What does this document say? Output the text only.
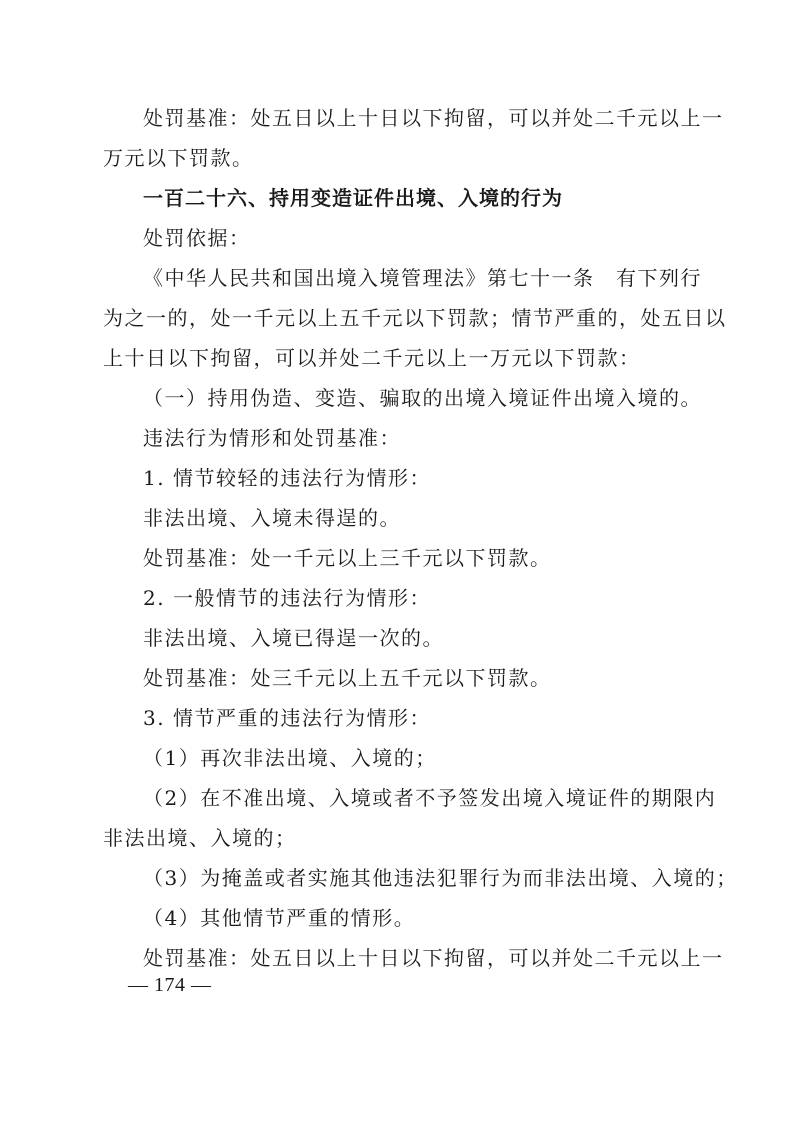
处罚基准：处五日以上十日以下拘留，可以并处二千元以上一
万元以下罚款。
一百二十六、持用变造证件出境、入境的行为
处罚依据：
《中华人民共和国出境入境管理法》第七十一条　有下列行
为之一的，处一千元以上五千元以下罚款；情节严重的，处五日以
上十日以下拘留，可以并处二千元以上一万元以下罚款：
（一）持用伪造、变造、骗取的出境入境证件出境入境的。
违法行为情形和处罚基准：
1. 情节较轻的违法行为情形：
非法出境、入境未得逞的。
处罚基准：处一千元以上三千元以下罚款。
2. 一般情节的违法行为情形：
非法出境、入境已得逞一次的。
处罚基准：处三千元以上五千元以下罚款。
3. 情节严重的违法行为情形：
（1）再次非法出境、入境的；
（2）在不准出境、入境或者不予签发出境入境证件的期限内
非法出境、入境的；
（3）为掩盖或者实施其他违法犯罪行为而非法出境、入境的；
（4）其他情节严重的情形。
处罚基准：处五日以上十日以下拘留，可以并处二千元以上一
— 174 —
